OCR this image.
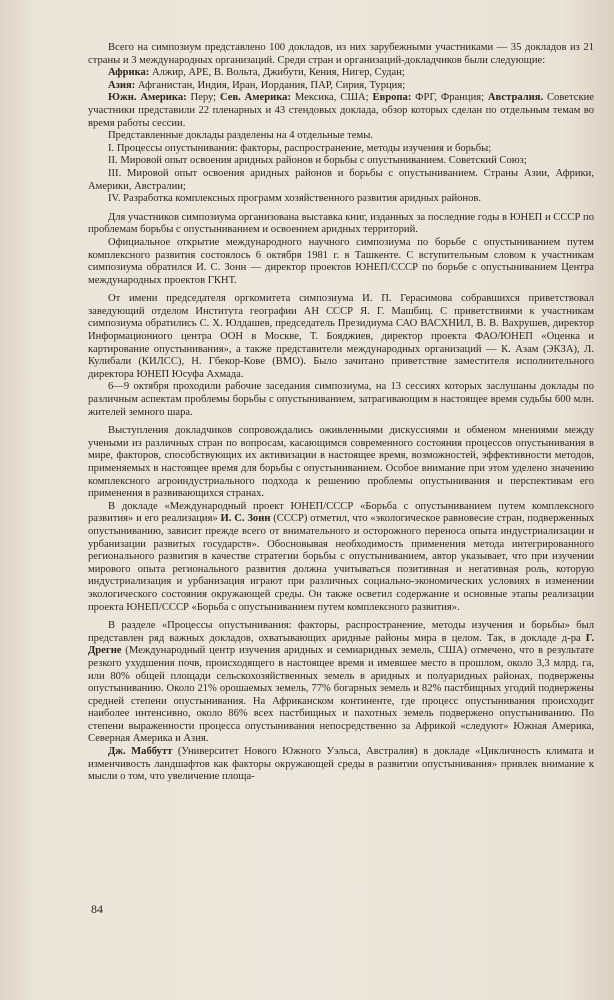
Всего на симпозиум представлено 100 докладов, из них зарубежными участниками — 35 докладов из 21 страны и 3 международных организаций. Среди стран и организаций-докладчиков были следующие:

Африка: Алжир, АРЕ, В. Вольта, Джибути, Кения, Нигер, Судан;

Азия: Афганистан, Индия, Иран, Иордания, ПАР, Сирия, Турция;

Южн. Америка: Перу; Сев. Америка: Мексика, США; Европа: ФРГ, Франция; Австралия. Советские участники представили 22 пленарных и 43 стендовых доклада, обзор которых сделан по отдельным темам во время работы сессии.

Представленные доклады разделены на 4 отдельные темы.

I. Процессы опустынивания: факторы, распространение, методы изучения и борьбы;

II. Мировой опыт освоения аридных районов и борьбы с опустыниванием. Советский Союз;

III. Мировой опыт освоения аридных районов и борьбы с опустыниванием. Страны Азии, Африки, Америки, Австралии;

IV. Разработка комплексных программ хозяйственного развития аридных районов.

Для участников симпозиума организована выставка книг, изданных за последние годы в ЮНЕП и СССР по проблемам борьбы с опустыниванием и освоением аридных территорий.

Официальное открытие международного научного симпозиума по борьбе с опустыниванием путем комплексного развития состоялось 6 октября 1981 г. в Ташкенте. С вступительным словом к участникам симпозиума обратился И. С. Зонн — директор проектов ЮНЕП/СССР по борьбе с опустыниванием Центра международных проектов ГКНТ.

От имени председателя оргкомитета симпозиума И. П. Герасимова собравшихся приветствовал заведующий отделом Института географии АН СССР Я. Г. Машбиц. С приветствиями к участникам симпозиума обратились С. Х. Юлдашев, председатель Президиума САО ВАСХНИЛ, В. В. Вахрушев, директор Информационного центра ООН в Москве, Т. Бояджиев, директор проекта ФАО/ЮНЕП «Оценка и картирование опустынивания», а также представители международных организаций — К. Азам (ЭКЗА), Л. Кулибали (КИЛСС), Н. Гбекор-Кове (ВМО). Было зачитано приветствие заместителя исполнительного директора ЮНЕП Юсуфа Ахмада.

6—9 октября проходили рабочие заседания симпозиума, на 13 сессиях которых заслушаны доклады по различным аспектам проблемы борьбы с опустыниванием, затрагивающим в настоящее время судьбы 600 млн. жителей земного шара.

Выступления докладчиков сопровождались оживленными дискуссиями и обменом мнениями между учеными из различных стран по вопросам, касающимся современного состояния процессов опустынивания в мире, факторов, способствующих их активизации в настоящее время, возможностей, эффективности методов, применяемых в настоящее время для борьбы с опустыниванием. Особое внимание при этом уделено значению комплексного агроиндустриального подхода к решению проблемы опустынивания и перспективам его применения в развивающихся странах.

В докладе «Международный проект ЮНЕП/СССР «Борьба с опустыниванием путем комплексного развития» и его реализация» И. С. Зонн (СССР) отметил, что «экологическое равновесие стран, подверженных опустыниванию, зависит прежде всего от внимательного и осторожного переноса опыта индустриализации и урбанизации развитых государств». Обосновывая необходимость применения метода интегрированного регионального развития в качестве стратегии борьбы с опустыниванием, автор указывает, что при изучении мирового опыта регионального развития должна учитываться позитивная и негативная роль, которую индустриализация и урбанизация играют при различных социально-экономических условиях в изменении экологического состояния окружающей среды. Он также осветил содержание и основные этапы реализации проекта ЮНЕП/СССР «Борьба с опустыниванием путем комплексного развития».

В разделе «Процессы опустынивания: факторы, распространение, методы изучения и борьбы» был представлен ряд важных докладов, охватывающих аридные районы мира в целом. Так, в докладе д-ра Г. Дрегне (Международный центр изучения аридных и семиаридных земель, США) отмечено, что в результате резкого ухудшения почв, происходящего в настоящее время и имевшее место в прошлом, около 3,3 млрд. га, или 80% общей площади сельскохозяйственных земель в аридных и полуаридных районах, подвержены опустыниванию. Около 21% орошаемых земель, 77% богарных земель и 82% пастбищных угодий подвержены средней степени опустынивания. На Африканском континенте, где процесс опустынивания происходит наиболее интенсивно, около 86% всех пастбищных и пахотных земель подвержено опустыниванию. По степени выраженности процесса опустынивания непосредственно за Африкой «следуют» Южная Америка, Северная Америка и Азия.

Дж. Маббутт (Университет Нового Южного Уэльса, Австралия) в докладе «Цикличность климата и изменчивость ландшафтов как факторы окружающей среды в развитии опустынивания» привлек внимание к мысли о том, что увеличение площа-

84
